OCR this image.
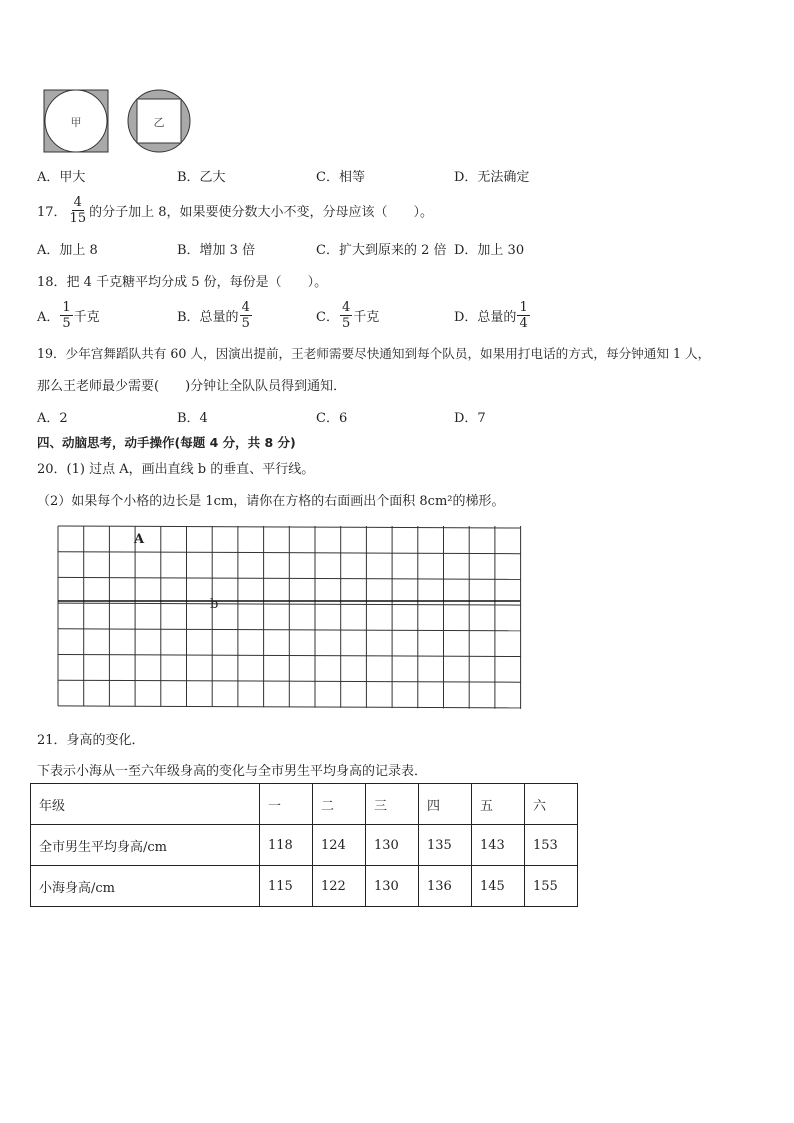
甲	乙
A．甲大	B．乙大	C．相等	D．无法确定
17． $\frac{4}{15}$ 的分子加上 8，如果要使分数大小不变，分母应该（　　）。
A．加上 8	B．增加 3 倍	C．扩大到原来的 2 倍 D．加上 30
18．把 4 千克糖平均分成 5 份，每份是（　　）。
A． $\frac{1}{5}$ 千克	B．总量的 $\frac{4}{5}$	C． $\frac{4}{5}$ 千克	D．总量的 $\frac{1}{4}$
19．少年宫舞蹈队共有 60 人，因演出提前，王老师需要尽快通知到每个队员，如果用打电话的方式，每分钟通知 1 人，
那么王老师最少需要(　　)分钟让全队队员得到通知．
A．2	B．4	C．6	D．7
四、动脑思考，动手操作(每题 4 分，共 8 分)
20．(1) 过点 A，画出直线 b 的垂直、平行线。
（2）如果每个小格的边长是 1cm，请你在方格的右面画出个面积 8cm²的梯形。
A
b
21．身高的变化．
下表示小海从一至六年级身高的变化与全市男生平均身高的记录表．
年级	一	二	三	四	五	六
全市男生平均身高/cm	118	124	130	135	143	153
小海身高/cm	115	122	130	136	145	155
